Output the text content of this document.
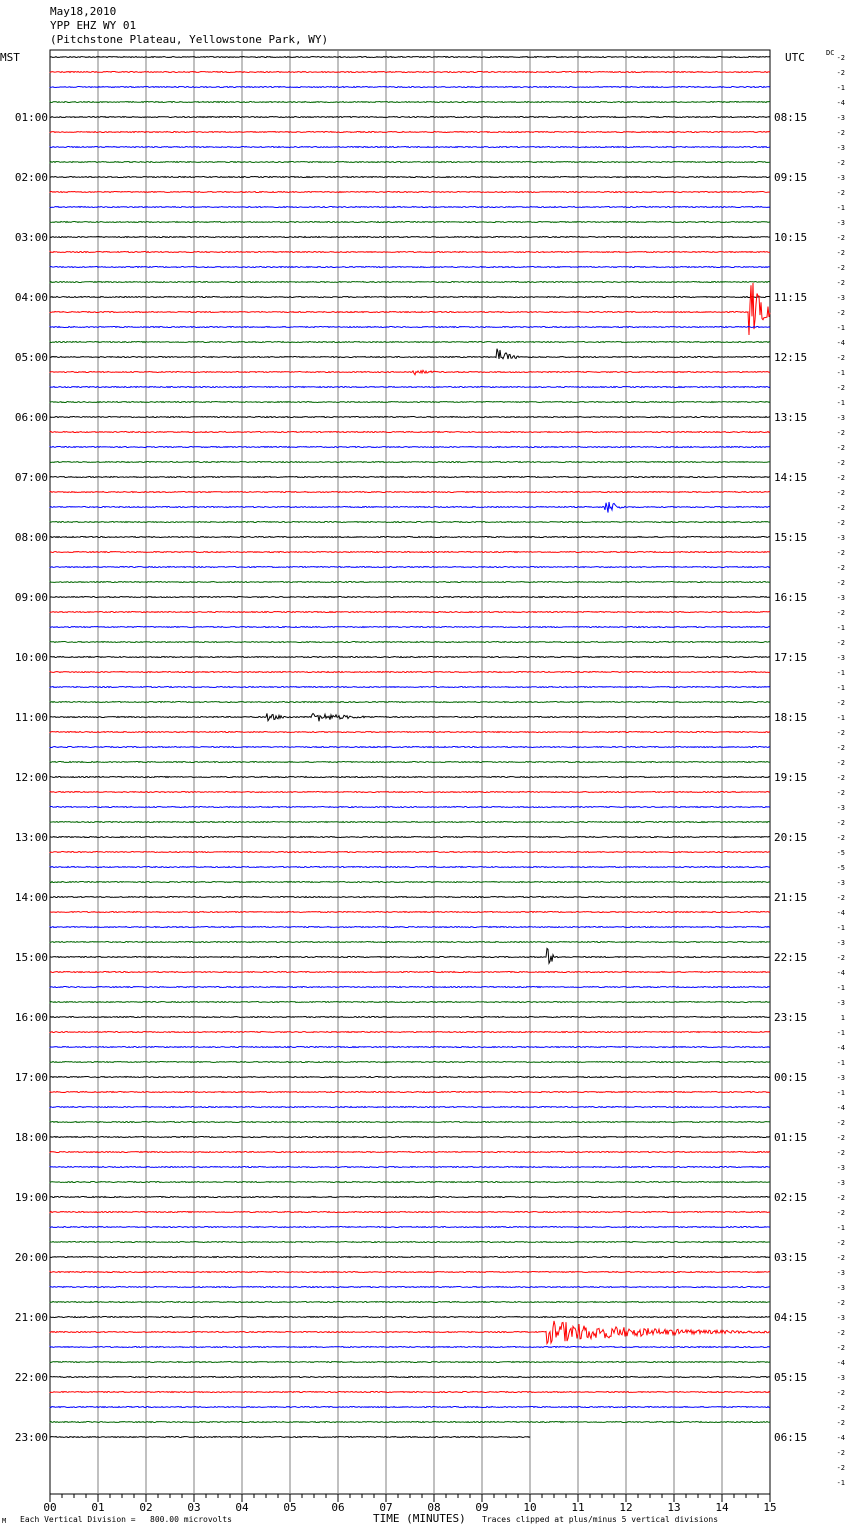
May18,2010
YPP EHZ WY 01
(Pitchstone Plateau, Yellowstone Park, WY)
MST	UTC	DC
-2
-2
-1
-4
-3
01:00	08:15
-2
-3
-2
-3
02:00	09:15
-2
-1
-3
-2
03:00	10:15
-2
-2
-2
-3
04:00	11:15
-2
-1
-4
-2
05:00	12:15
-1
-2
-1
-3
06:00	13:15
-2
-2
-2
-2
07:00	14:15
-2
-2
-2
-3
08:00	15:15
-2
-2
-2
-3
09:00	16:15
-2
-1
-2
-3
10:00	17:15
-1
-1
-2
-1
11:00	18:15
-2
-2
-2
-2
12:00	19:15
-2
-3
-2
-2
13:00	20:15
-5
-5
-3
-2
14:00	21:15
-4
-1
-3
-2
15:00	22:15
-4
-1
-3
1
16:00	23:15
-1
-4
-1
-3
17:00	00:15
-1
-4
-2
-2
18:00	01:15
-2
-3
-3
-2
19:00	02:15
-2
-1
-2
-2
20:00	03:15
-3
-3
-2
-3
21:00	04:15
-2
-2
-4
-3
22:00	05:15
-2
-2
-2
-4
23:00	06:15
-2
-2
-1
00	01	02	03	04	05	06	07	08	09	10	11	12	13	14	15
M Each Vertical Division =   800.00 microvolts	TIME (MINUTES) Traces clipped at plus/minus 5 vertical divisions
